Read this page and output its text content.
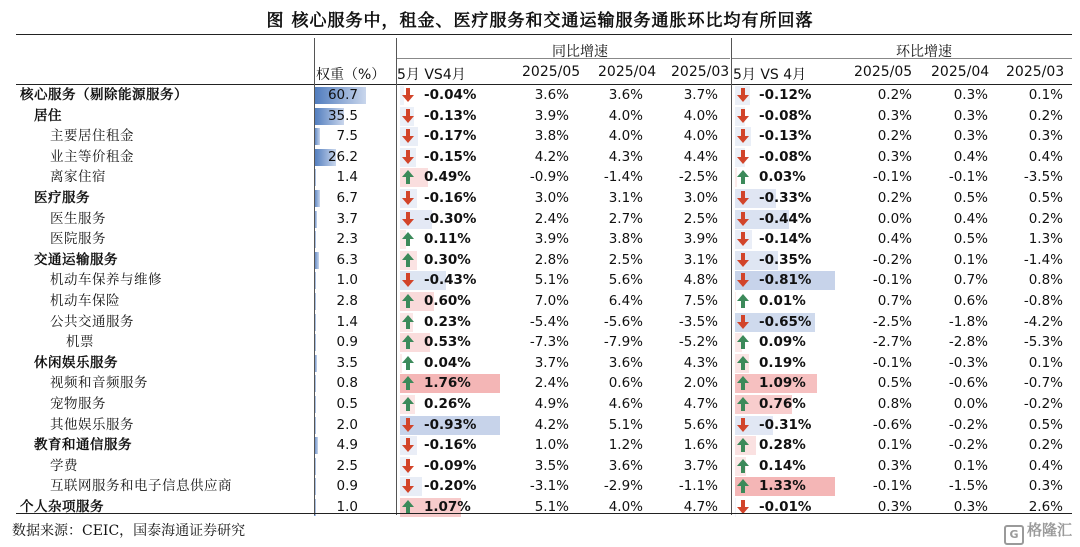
图 核心服务中，租金、医疗服务和交通运输服务通胀环比均有所回落
同比增速	环比增速
权重（%） 5月 VS4月	2025/05 2025/04 2025/03 5月 VS 4月	2025/05 2025/04 2025/03
核心服务（剔除能源服务）	60.7	-0.04%	3.6%	3.6%	3.7%	-0.12%	0.2%	0.3%	0.1%
居住	35.5	-0.13%	3.9%	4.0%	4.0%	-0.08%	0.3%	0.3%	0.2%
主要居住租金	7.5	-0.17%	3.8%	4.0%	4.0%	-0.13%	0.2%	0.3%	0.3%
业主等价租金	26.2	-0.15%	4.2%	4.3%	4.4%	-0.08%	0.3%	0.4%	0.4%
离家住宿	1.4	0.49%	-0.9%	-1.4%	-2.5%	0.03%	-0.1%	-0.1%	-3.5%
医疗服务	6.7	-0.16%	3.0%	3.1%	3.0%	-0.33%	0.2%	0.5%	0.5%
医生服务	3.7	-0.30%	2.4%	2.7%	2.5%	-0.44%	0.0%	0.4%	0.2%
医院服务	2.3	0.11%	3.9%	3.8%	3.9%	-0.14%	0.4%	0.5%	1.3%
交通运输服务	6.3	0.30%	2.8%	2.5%	3.1%	-0.35%	-0.2%	0.1%	-1.4%
机动车保养与维修	1.0	-0.43%	5.1%	5.6%	4.8%	-0.81%	-0.1%	0.7%	0.8%
机动车保险	2.8	0.60%	7.0%	6.4%	7.5%	0.01%	0.7%	0.6%	-0.8%
公共交通服务	1.4	0.23%	-5.4%	-5.6%	-3.5%	-0.65%	-2.5%	-1.8%	-4.2%
机票	0.9	0.53%	-7.3%	-7.9%	-5.2%	0.09%	-2.7%	-2.8%	-5.3%
休闲娱乐服务	3.5	0.04%	3.7%	3.6%	4.3%	0.19%	-0.1%	-0.3%	0.1%
视频和音频服务	0.8	1.76%	2.4%	0.6%	2.0%	1.09%	0.5%	-0.6%	-0.7%
宠物服务	0.5	0.26%	4.9%	4.6%	4.7%	0.76%	0.8%	0.0%	-0.2%
其他娱乐服务	2.0	-0.93%	4.2%	5.1%	5.6%	-0.31%	-0.6%	-0.2%	0.5%
教育和通信服务	4.9	-0.16%	1.0%	1.2%	1.6%	0.28%	0.1%	-0.2%	0.2%
学费	2.5	-0.09%	3.5%	3.6%	3.7%	0.14%	0.3%	0.1%	0.4%
互联网服务和电子信息供应商	0.9	-0.20%	-3.1%	-2.9%	-1.1%	1.33%	-0.1%	-1.5%	0.3%
个人杂项服务	1.0	1.07%	5.1%	4.0%	4.7%	-0.01%	0.3%	0.3%	2.6%
数据来源：CEIC，国泰海通证券研究	G 格隆汇
